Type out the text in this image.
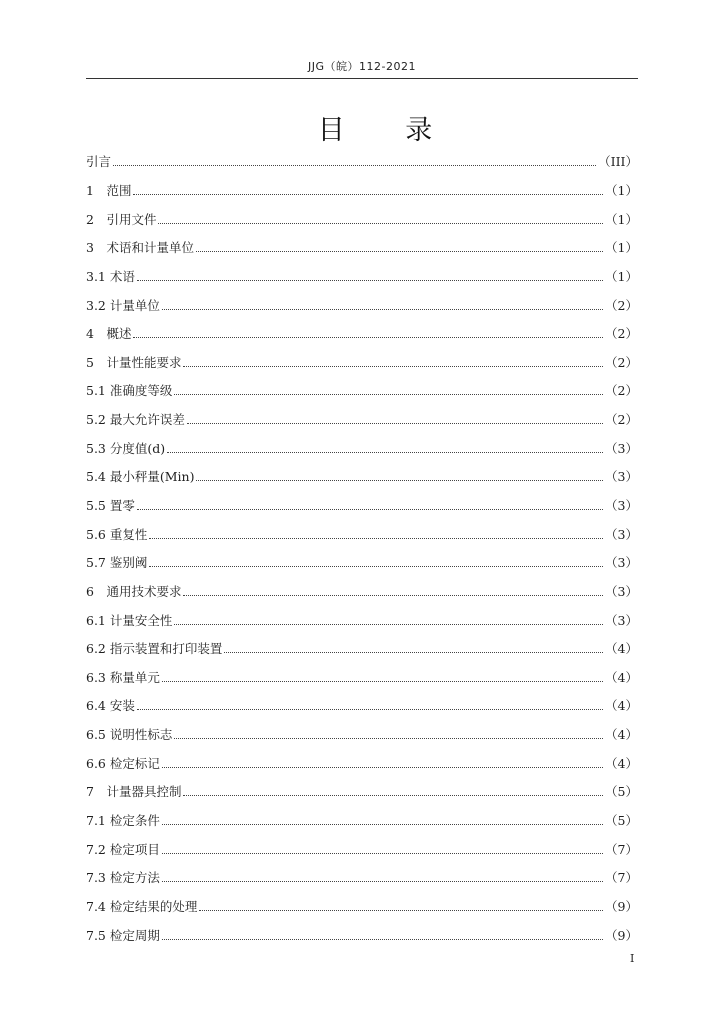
JJG（皖）112-2021
目 录
引言	（III）
1　范围	（1）
2　引用文件	（1）
3　术语和计量单位	（1）
3.1 术语	（1）
3.2 计量单位	（2）
4　概述	（2）
5　计量性能要求	（2）
5.1 准确度等级	（2）
5.2 最大允许误差	（2）
5.3 分度值(d)	（3）
5.4 最小秤量(Min)	（3）
5.5 置零	（3）
5.6 重复性	（3）
5.7 鉴别阈	（3）
6　通用技术要求	（3）
6.1 计量安全性	（3）
6.2 指示装置和打印装置	（4）
6.3 称量单元	（4）
6.4 安装	（4）
6.5 说明性标志	（4）
6.6 检定标记	（4）
7　计量器具控制	（5）
7.1 检定条件	（5）
7.2 检定项目	（7）
7.3 检定方法	（7）
7.4 检定结果的处理	（9）
7.5 检定周期	（9）
I
